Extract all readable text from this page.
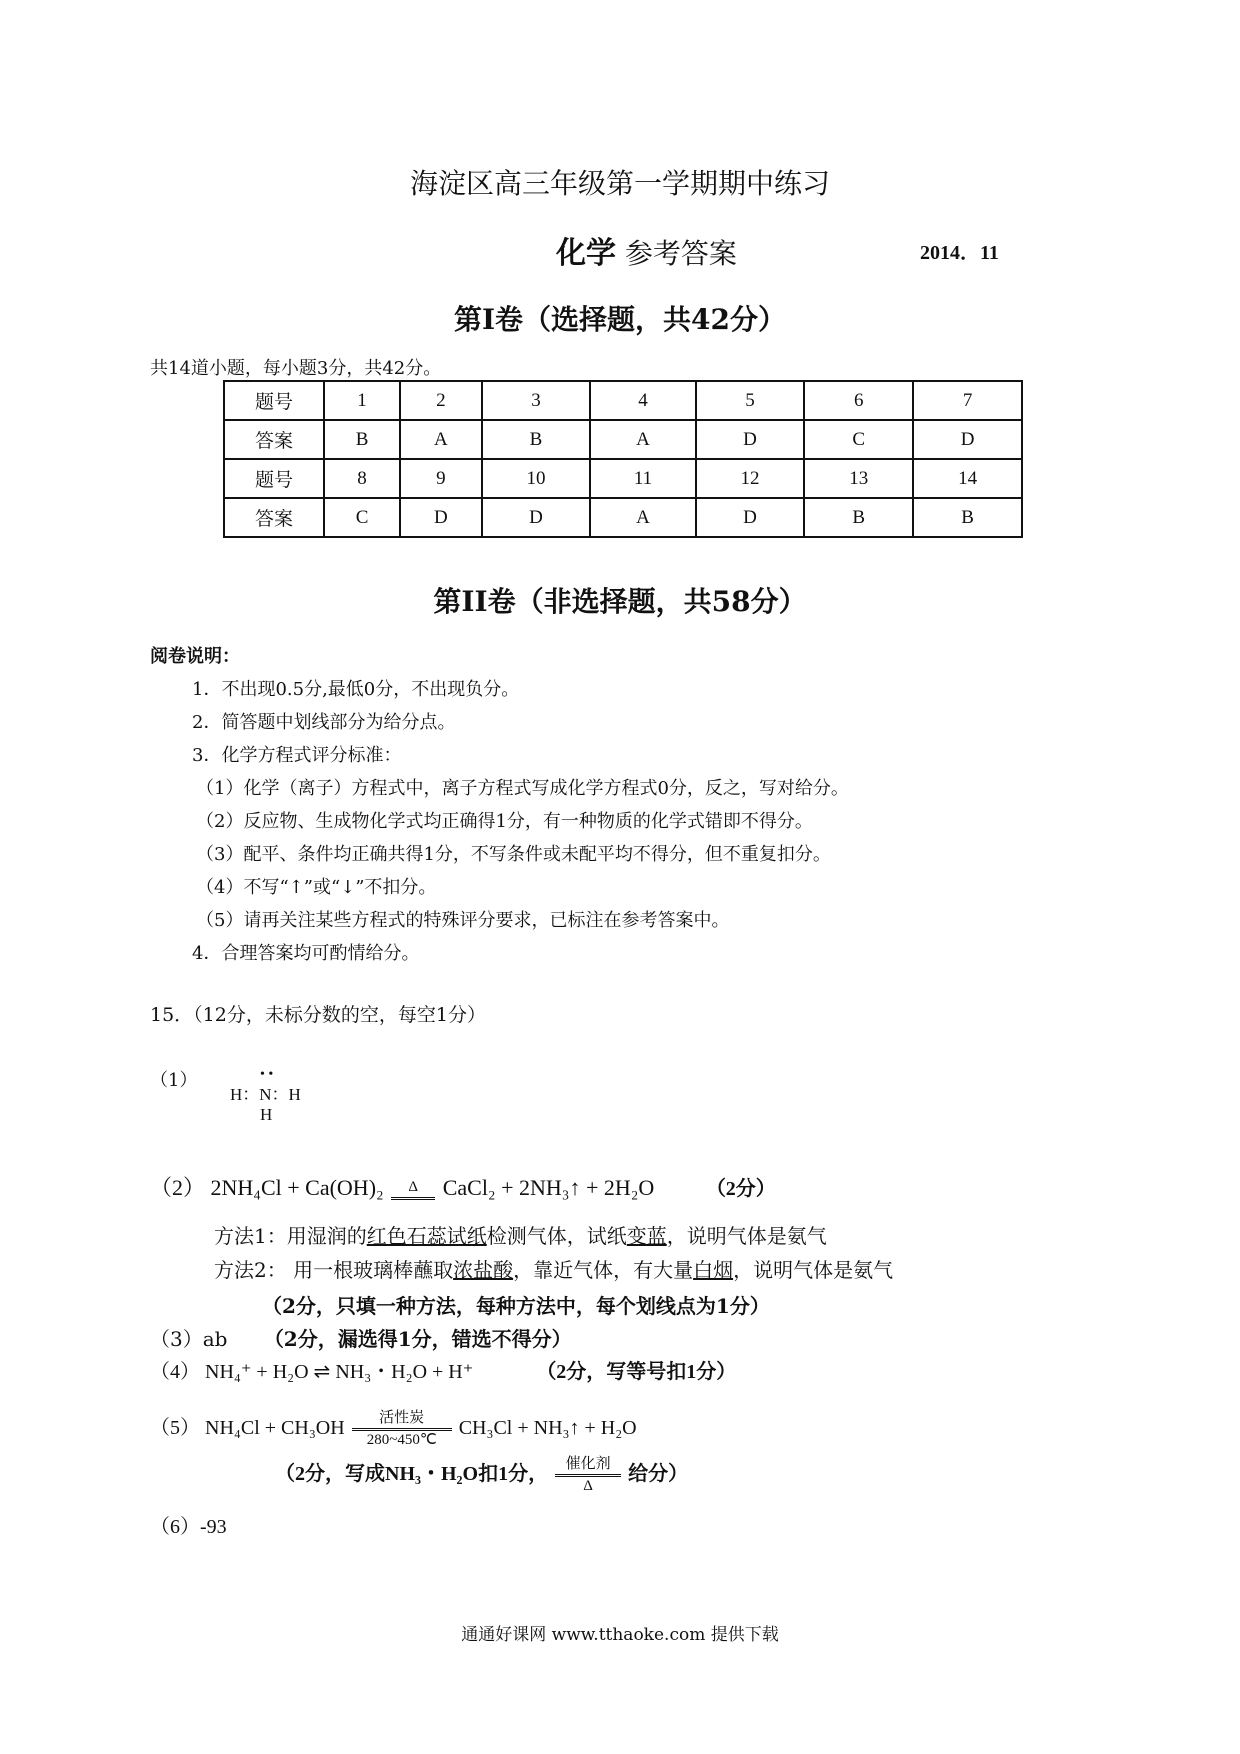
海淀区高三年级第一学期期中练习
化学 参考答案	2014．11
第I卷（选择题，共42分）
共14道小题，每小题3分，共42分。
题号	1	2	3	4	5	6	7
答案	B	A	B	A	D	C	D
题号	8	9	10	11	12	13	14
答案	C	D	D	A	D	B	B
第II卷（非选择题，共58分）
阅卷说明：
1．不出现0.5分,最低0分，不出现负分。
2．简答题中划线部分为给分点。
3．化学方程式评分标准：
（1）化学（离子）方程式中，离子方程式写成化学方程式0分，反之，写对给分。
（2）反应物、生成物化学式均正确得1分，有一种物质的化学式错即不得分。
（3）配平、条件均正确共得1分，不写条件或未配平均不得分，但不重复扣分。
（4）不写“↑”或“↓”不扣分。
（5）请再关注某些方程式的特殊评分要求，已标注在参考答案中。
4．合理答案均可酌情给分。
15．（12分，未标分数的空，每空1分）
（1）	• •
H：N：H
H
（2） 2NH₄Cl + Ca(OH)₂ Δ CaCl₂ + 2NH₃↑ + 2H₂O	（2分）
方法1：用湿润的红色石蕊试纸检测气体，试纸变蓝，说明气体是氨气
方法2： 用一根玻璃棒蘸取浓盐酸，靠近气体，有大量白烟，说明气体是氨气
（2分，只填一种方法，每种方法中，每个划线点为1分）
（3）ab （2分，漏选得1分，错选不得分）
（4） NH₄⁺ + H₂O ⇌ NH₃・H₂O + H⁺	（2分，写等号扣1分）
（5） NH₄Cl + CH₃OH	活性炭
280~450℃
CH₃Cl + NH₃↑ + H₂O
（2分，写成NH₃・H₂O扣1分，	催化剂
Δ
给分）
（6）-93
通通好课网 www.tthaoke.com 提供下载
